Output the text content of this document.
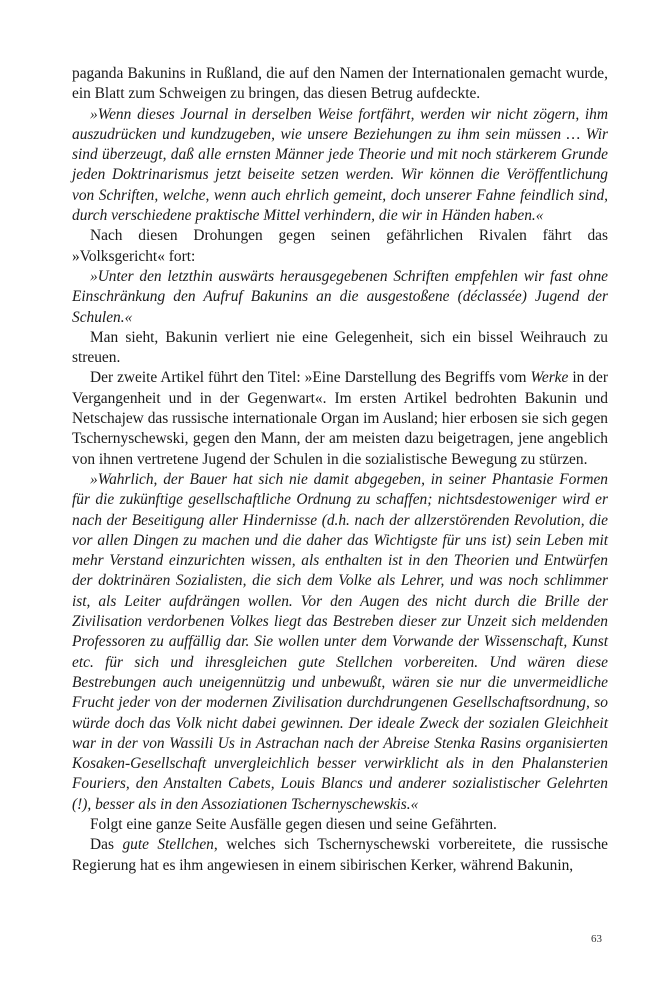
paganda Bakunins in Rußland, die auf den Namen der Internationalen gemacht wurde, ein Blatt zum Schweigen zu bringen, das diesen Betrug aufdeckte.

»Wenn dieses Journal in derselben Weise fortfährt, werden wir nicht zögern, ihm auszudrücken und kundzugeben, wie unsere Beziehungen zu ihm sein müssen … Wir sind überzeugt, daß alle ernsten Männer jede Theorie und mit noch stärkerem Grunde jeden Doktrinarismus jetzt beiseite setzen werden. Wir können die Veröffentlichung von Schriften, welche, wenn auch ehrlich gemeint, doch unserer Fahne feindlich sind, durch verschiedene praktische Mittel verhindern, die wir in Händen haben.«

Nach diesen Drohungen gegen seinen gefährlichen Rivalen fährt das »Volksgericht« fort:

»Unter den letzthin auswärts herausgegebenen Schriften empfehlen wir fast ohne Einschränkung den Aufruf Bakunins an die ausgestoßene (déclassée) Jugend der Schulen.«

Man sieht, Bakunin verliert nie eine Gelegenheit, sich ein bissel Weihrauch zu streuen.

Der zweite Artikel führt den Titel: »Eine Darstellung des Begriffs vom Werke in der Vergangenheit und in der Gegenwart«. Im ersten Artikel bedrohten Bakunin und Netschajew das russische internationale Organ im Ausland; hier erbosen sie sich gegen Tschernyschewski, gegen den Mann, der am meisten dazu beigetragen, jene angeblich von ihnen vertretene Jugend der Schulen in die sozialistische Bewegung zu stürzen.

»Wahrlich, der Bauer hat sich nie damit abgegeben, in seiner Phantasie Formen für die zukünftige gesellschaftliche Ordnung zu schaffen; nichtsdestoweniger wird er nach der Beseitigung aller Hindernisse (d.h. nach der allzerstörenden Revolution, die vor allen Dingen zu machen und die daher das Wichtigste für uns ist) sein Leben mit mehr Verstand einzurichten wissen, als enthalten ist in den Theorien und Entwürfen der doktrinären Sozialisten, die sich dem Volke als Lehrer, und was noch schlimmer ist, als Leiter aufdrängen wollen. Vor den Augen des nicht durch die Brille der Zivilisation verdorbenen Volkes liegt das Bestreben dieser zur Unzeit sich meldenden Professoren zu auffällig dar. Sie wollen unter dem Vorwande der Wissenschaft, Kunst etc. für sich und ihresgleichen gute Stellchen vorbereiten. Und wären diese Bestrebungen auch uneigennützig und unbewußt, wären sie nur die unvermeidliche Frucht jeder von der modernen Zivilisation durchdrungenen Gesellschaftsordnung, so würde doch das Volk nicht dabei gewinnen. Der ideale Zweck der sozialen Gleichheit war in der von Wassili Us in Astrachan nach der Abreise Stenka Rasins organisierten Kosaken-Gesellschaft unvergleichlich besser verwirklicht als in den Phalansterien Fouriers, den Anstalten Cabets, Louis Blancs und anderer sozialistischer Gelehrten (!), besser als in den Assoziationen Tschernyschewskis.«

Folgt eine ganze Seite Ausfälle gegen diesen und seine Gefährten.

Das gute Stellchen, welches sich Tschernyschewski vorbereitete, die russische Regierung hat es ihm angewiesen in einem sibirischen Kerker, während Bakunin,

63
